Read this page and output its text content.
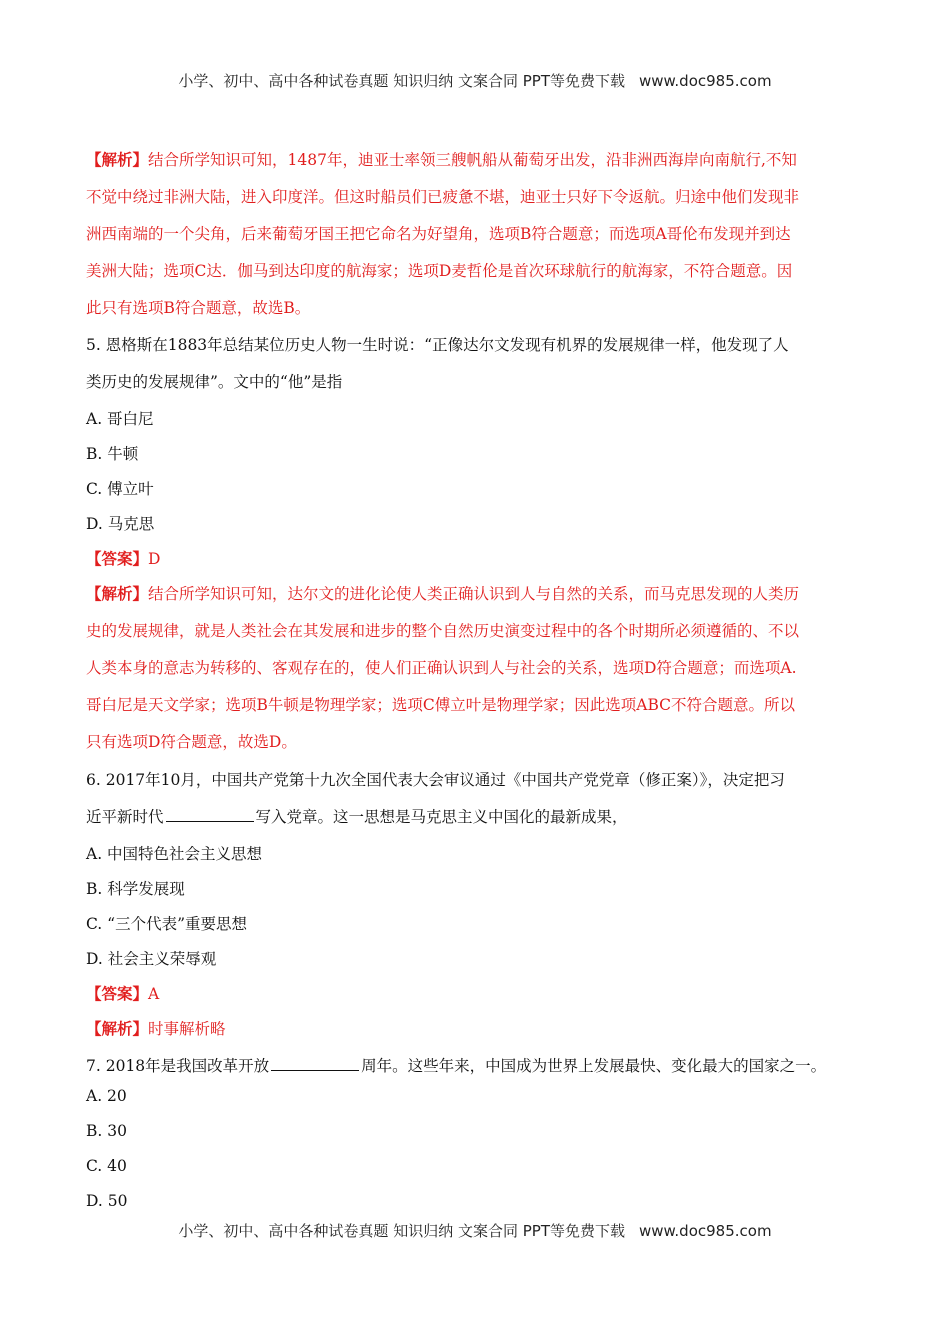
小学、初中、高中各种试卷真题 知识归纳 文案合同 PPT等免费下载 www.doc985.com
【解析】结合所学知识可知，1487年，迪亚士率领三艘帆船从葡萄牙出发，沿非洲西海岸向南航行,不知
不觉中绕过非洲大陆，进入印度洋。但这时船员们已疲惫不堪，迪亚士只好下令返航。归途中他们发现非
洲西南端的一个尖角，后来葡萄牙国王把它命名为好望角，选项B符合题意；而选项A哥伦布发现并到达
美洲大陆；选项C达．伽马到达印度的航海家；选项D麦哲伦是首次环球航行的航海家，不符合题意。因
此只有选项B符合题意，故选B。
5. 恩格斯在1883年总结某位历史人物一生时说：“正像达尔文发现有机界的发展规律一样，他发现了人
类历史的发展规律”。文中的“他”是指
A. 哥白尼
B. 牛顿
C. 傅立叶
D. 马克思
【答案】D
【解析】结合所学知识可知，达尔文的进化论使人类正确认识到人与自然的关系，而马克思发现的人类历
史的发展规律，就是人类社会在其发展和进步的整个自然历史演变过程中的各个时期所必须遵循的、不以
人类本身的意志为转移的、客观存在的，使人们正确认识到人与社会的关系，选项D符合题意；而选项A.
哥白尼是天文学家；选项B牛顿是物理学家；选项C傅立叶是物理学家；因此选项ABC不符合题意。所以
只有选项D符合题意，故选D。
6. 2017年10月，中国共产党第十九次全国代表大会审议通过《中国共产党党章（修正案）》，决定把习
近平新时代	写入党章。这一思想是马克思主义中国化的最新成果，
A. 中国特色社会主义思想
B. 科学发展现
C. “三个代表”重要思想
D. 社会主义荣辱观
【答案】A
【解析】时事解析略
7. 2018年是我国改革开放	周年。这些年来，中国成为世界上发展最快、变化最大的国家之一。
A. 20
B. 30
C. 40
D. 50
小学、初中、高中各种试卷真题 知识归纳 文案合同 PPT等免费下载 www.doc985.com
